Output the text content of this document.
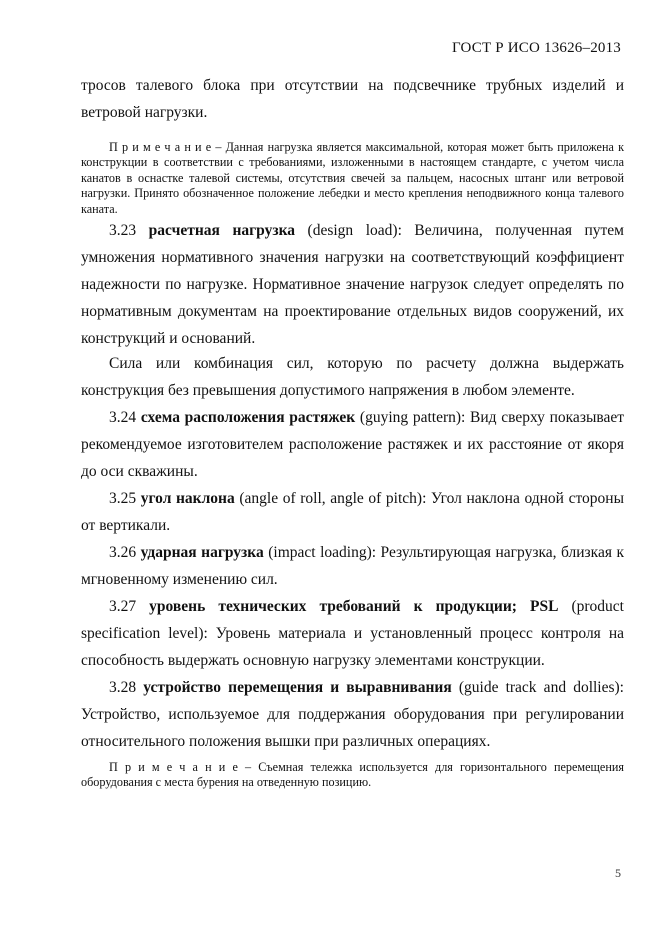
ГОСТ Р ИСО 13626–2013

тросов талевого блока при отсутствии на подсвечнике трубных изделий и ветровой нагрузки.

П р и м е ч а н и е – Данная нагрузка является максимальной, которая может быть приложена к конструкции в соответствии с требованиями, изложенными в настоящем стандарте, с учетом числа канатов в оснастке талевой системы, отсутствия свечей за пальцем, насосных штанг или ветровой нагрузки. Принято обозначенное положение лебедки и место крепления неподвижного конца талевого каната.

3.23 расчетная нагрузка (design load): Величина, полученная путем умножения нормативного значения нагрузки на соответствующий коэффициент надежности по нагрузке. Нормативное значение нагрузок следует определять по нормативным документам на проектирование отдельных видов сооружений, их конструкций и оснований.

Сила или комбинация сил, которую по расчету должна выдержать конструкция без превышения допустимого напряжения в любом элементе.

3.24 схема расположения растяжек (guying pattern): Вид сверху показывает рекомендуемое изготовителем расположение растяжек и их расстояние от якоря до оси скважины.

3.25 угол наклона (angle of roll, angle of pitch): Угол наклона одной стороны от вертикали.

3.26 ударная нагрузка (impact loading): Результирующая нагрузка, близкая к мгновенному изменению сил.

3.27 уровень технических требований к продукции; PSL (product specification level): Уровень материала и установленный процесс контроля на способность выдержать основную нагрузку элементами конструкции.

3.28 устройство перемещения и выравнивания (guide track and dollies): Устройство, используемое для поддержания оборудования при регулировании относительного положения вышки при различных операциях.

П р и м е ч а н и е – Съемная тележка используется для горизонтального перемещения оборудования с места бурения на отведенную позицию.

5
